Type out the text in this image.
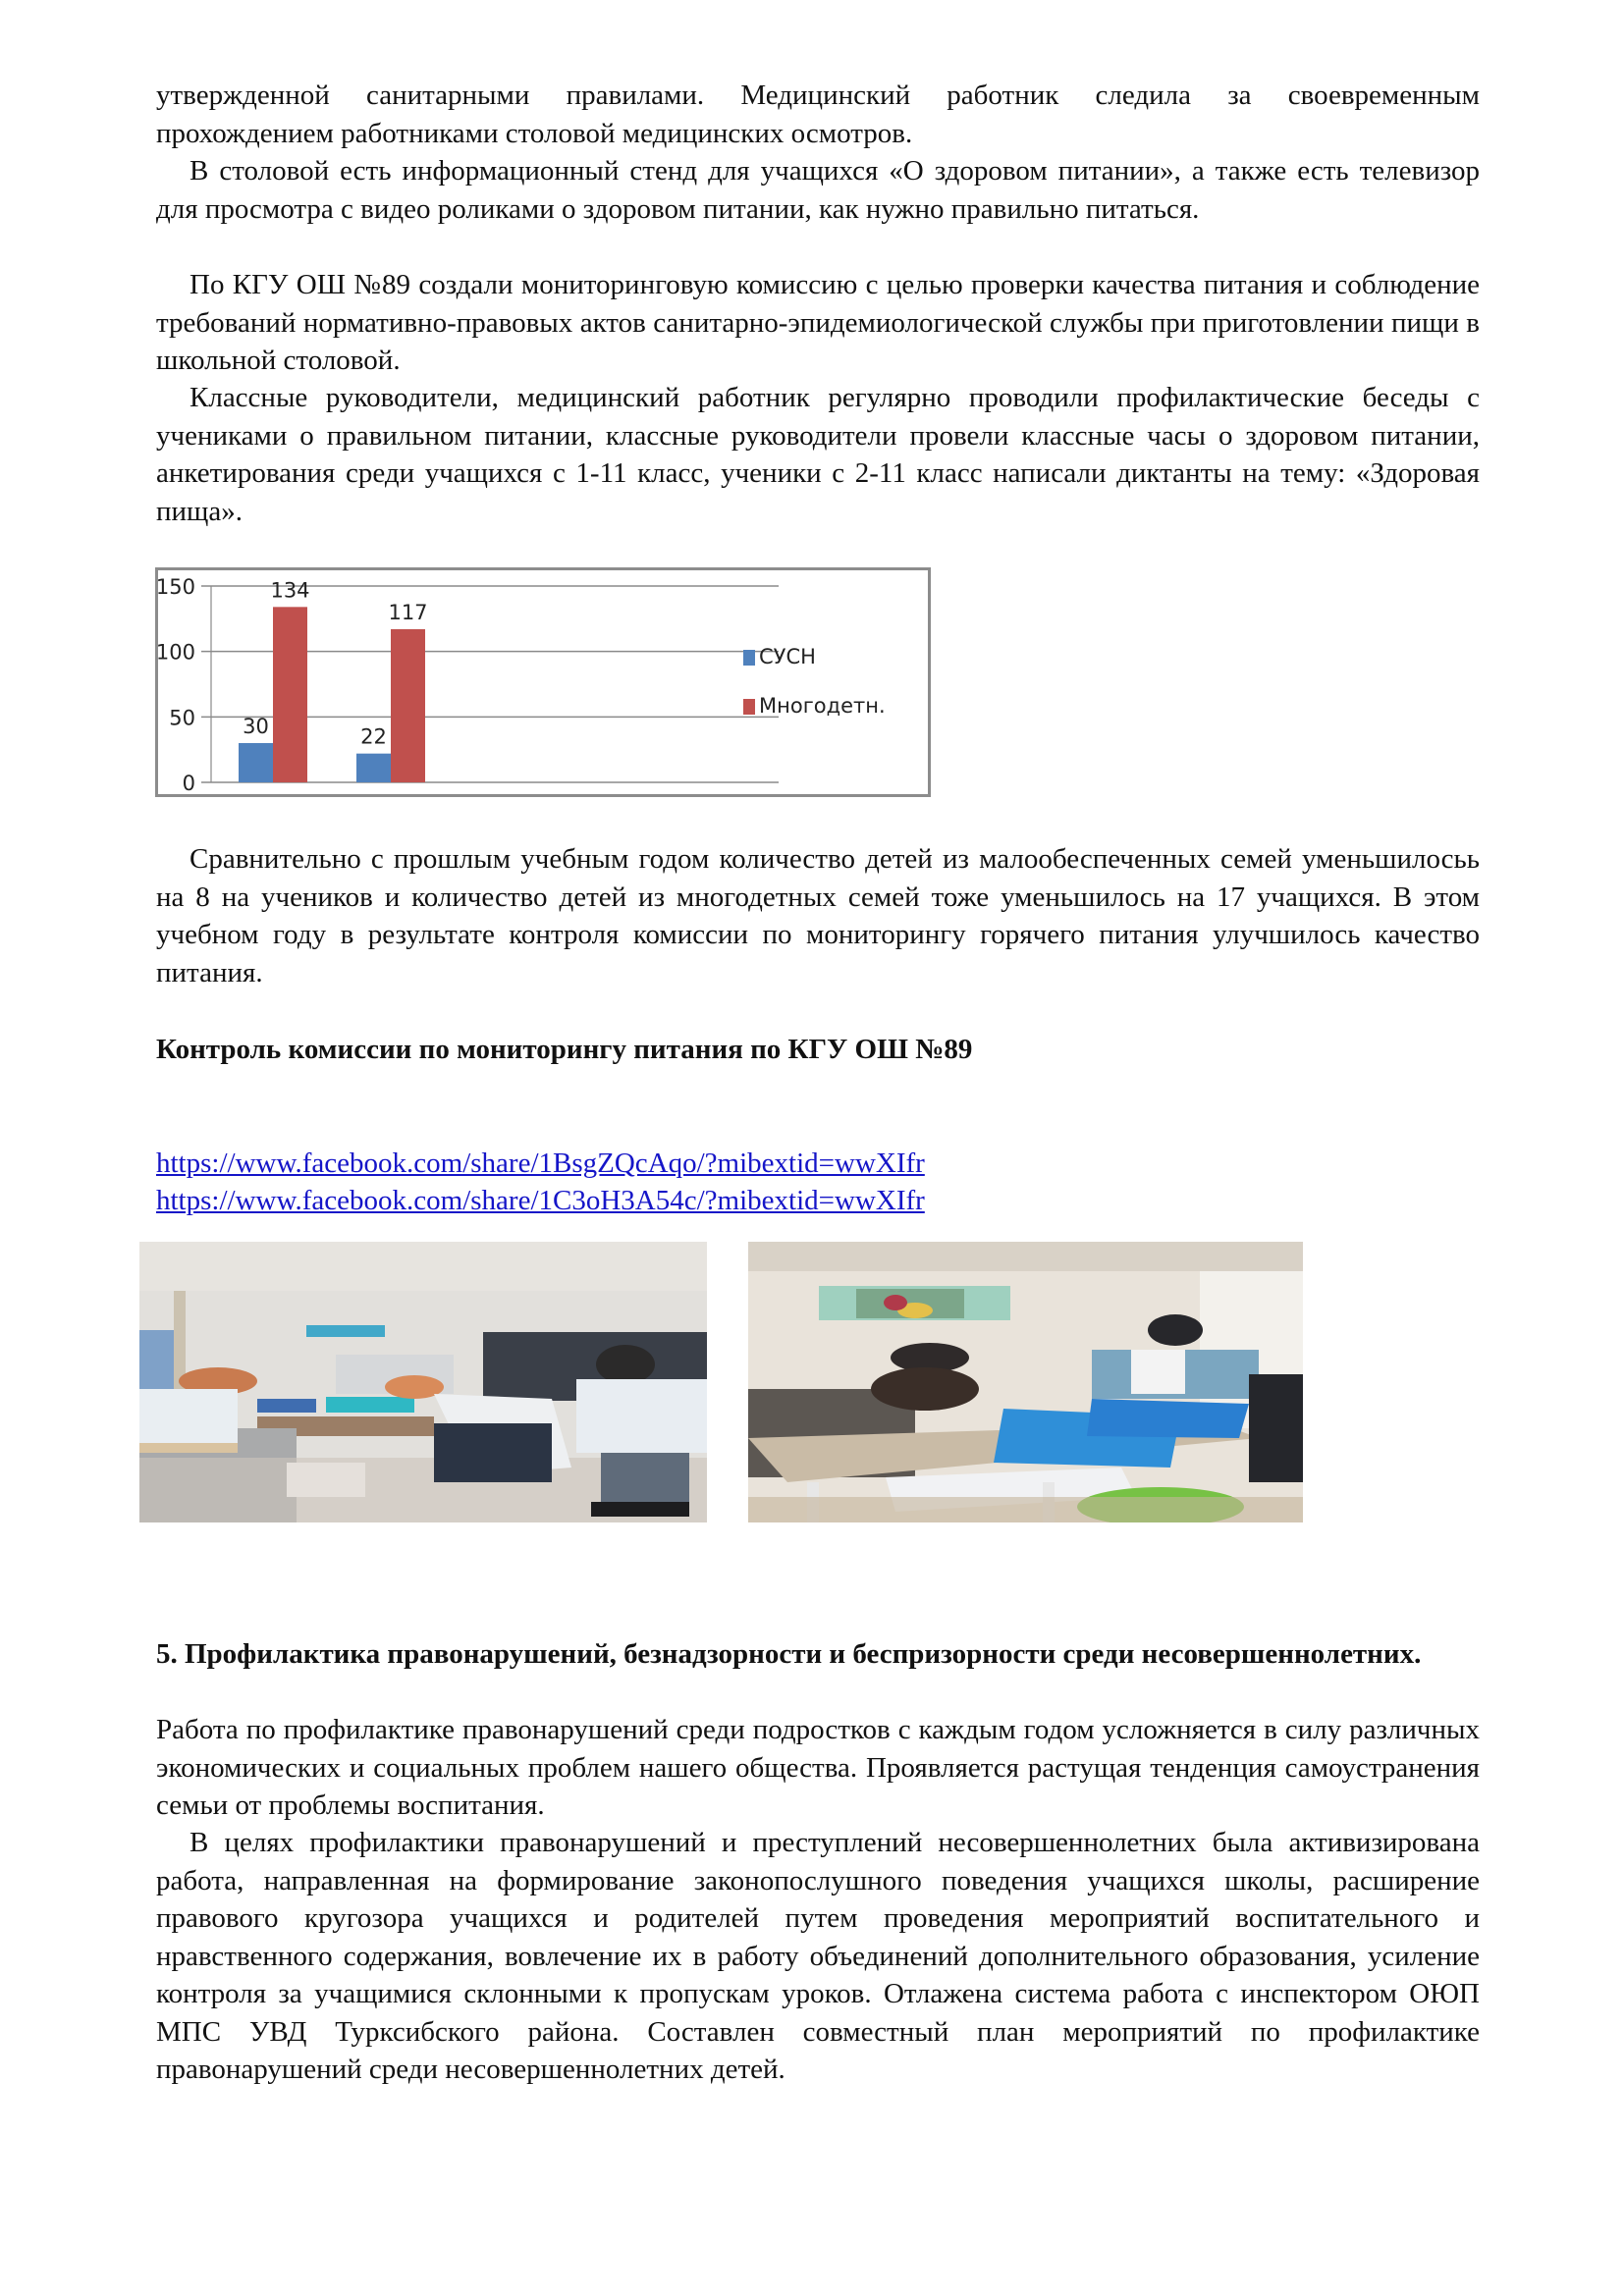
утвержденной санитарными правилами. Медицинский работник следила за своевременным
прохождением работниками столовой медицинских осмотров.

В столовой есть информационный стенд для учащихся «О здоровом питании», а также есть телевизор для просмотра с видео роликами о здоровом питании, как нужно правильно питаться.

По КГУ ОШ №89 создали мониторинговую комиссию с целью проверки качества питания и соблюдение требований нормативно-правовых актов санитарно-эпидемиологической службы при приготовлении пищи в школьной столовой.

Классные руководители, медицинский работник регулярно проводили профилактические беседы с учениками о правильном питании, классные руководители провели классные часы о здоровом питании, анкетирования среди учащихся с 1-11 класс, ученики с 2-11 класс написали диктанты на тему: «Здоровая пища».

0
50
100
150
30	22
134
117
СУСН
Многодетн.

Сравнительно с прошлым учебным годом количество детей из малообеспеченных семей уменьшилосьь на 8 на учеников и количество детей из многодетных семей тоже уменьшилось на 17 учащихся. В этом учебном году в результате контроля комиссии по мониторингу горячего питания улучшилось качество питания.

Контроль комиссии по мониторингу питания по КГУ ОШ №89

https://www.facebook.com/share/1BsgZQcAqo/?mibextid=wwXIfr
https://www.facebook.com/share/1C3oH3A54c/?mibextid=wwXIfr

5. Профилактика правонарушений, безнадзорности и беспризорности среди несовершеннолетних.

Работа по профилактике правонарушений среди подростков с каждым годом усложняется в силу различных экономических и социальных проблем нашего общества. Проявляется растущая тенденция самоустранения семьи от проблемы воспитания.

В целях профилактики правонарушений и преступлений несовершеннолетних была активизирована работа, направленная на формирование законопослушного поведения учащихся школы, расширение правового кругозора учащихся и родителей путем проведения мероприятий воспитательного и нравственного содержания, вовлечение их в работу объединений дополнительного образования, усиление контроля за учащимися склонными к пропускам уроков. Отлажена система работа с инспектором ОЮП МПС УВД Турксибского района. Составлен совместный план мероприятий по профилактике правонарушений среди несовершеннолетних детей.
